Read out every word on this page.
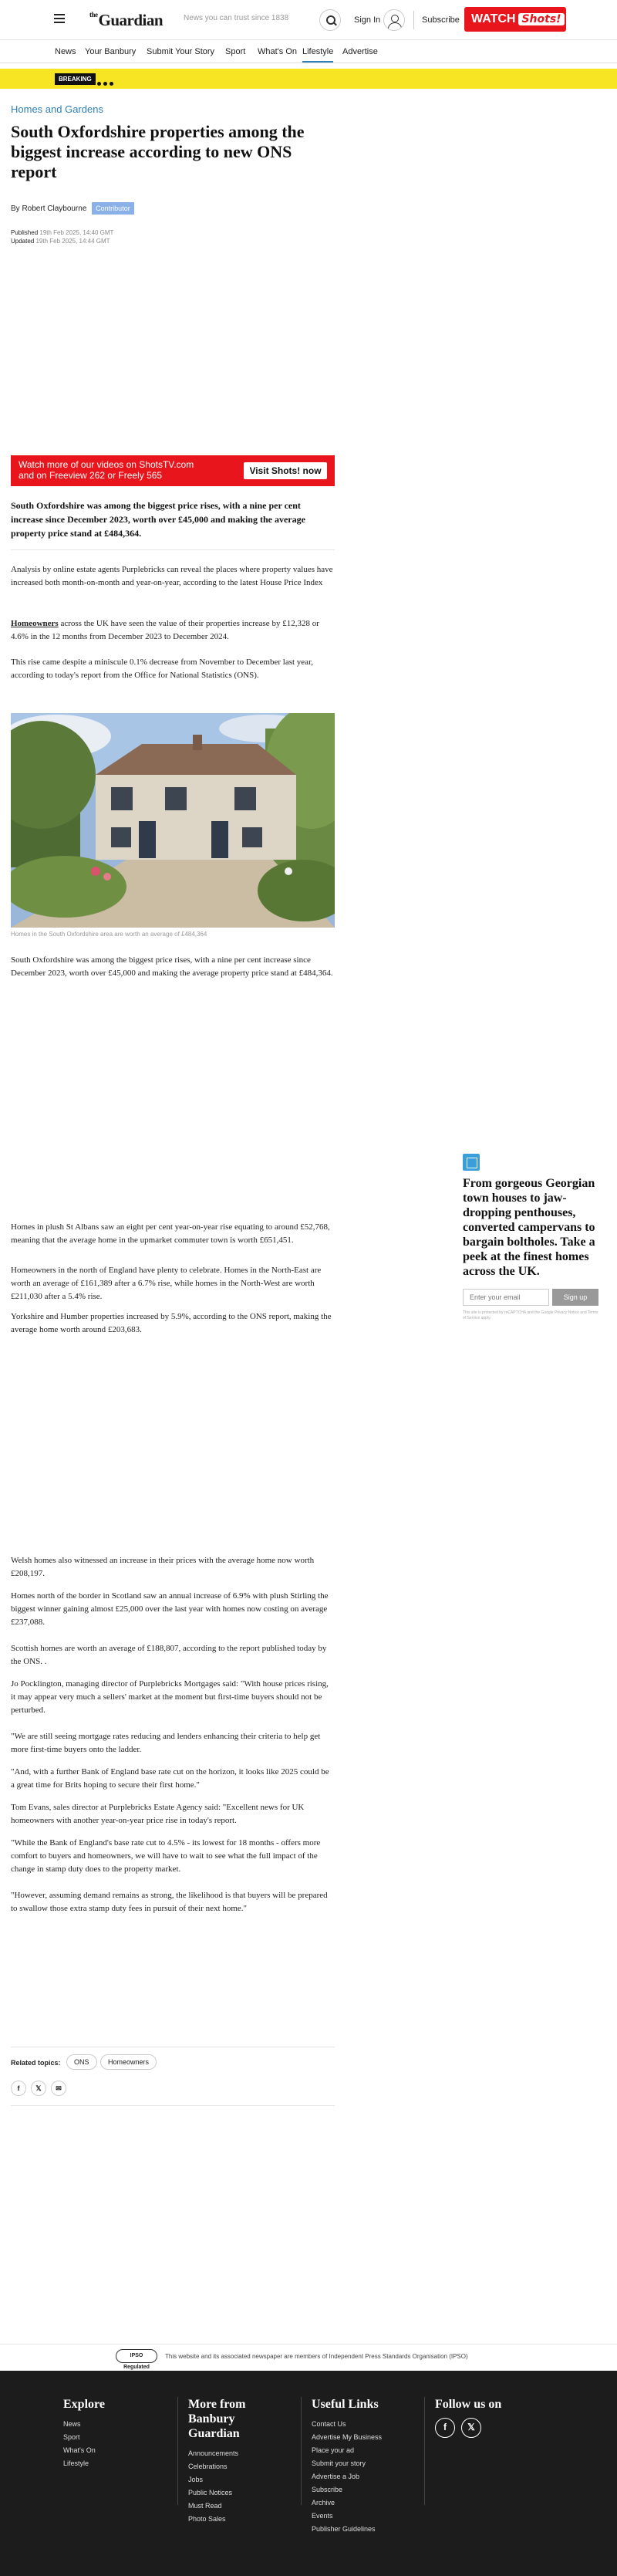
$^{the}$Guardian	News you can trust since 1838	Sign In	Subscribe WATCH Shots!
News Your Banbury Submit Your Story Sport What's On Lifestyle Advertise
BREAKING
Homes and Gardens
South Oxfordshire properties among the biggest increase according to new ONS report
By Robert Claybourne Contributor
Published 19th Feb 2025, 14:40 GMT
Updated 19th Feb 2025, 14:44 GMT
Watch more of our videos on ShotsTV.com
and on Freeview 262 or Freely 565	Visit Shots! now
South Oxfordshire was among the biggest price rises, with a nine per cent increase since December 2023, worth over £45,000 and making the average property price stand at £484,364.
Analysis by online estate agents Purplebricks can reveal the places where property values have increased both month-on-month and year-on-year, according to the latest House Price Index
Homeowners across the UK have seen the value of their properties increase by £12,328 or 4.6% in the 12 months from December 2023 to December 2024.
This rise came despite a miniscule 0.1% decrease from November to December last year, according to today's report from the Office for National Statistics (ONS).
Homes in the South Oxfordshire area are worth an average of £484,364
South Oxfordshire was among the biggest price rises, with a nine per cent increase since December 2023, worth over £45,000 and making the average property price stand at £484,364.
Homes in plush St Albans saw an eight per cent year-on-year rise equating to around £52,768, meaning that the average home in the upmarket commuter town is worth £651,451.
Homeowners in the north of England have plenty to celebrate. Homes in the North-East are worth an average of £161,389 after a 6.7% rise, while homes in the North-West are worth £211,030 after a 5.4% rise.
Yorkshire and Humber properties increased by 5.9%, according to the ONS report, making the average home worth around £203,683.
Welsh homes also witnessed an increase in their prices with the average home now worth £208,197.
Homes north of the border in Scotland saw an annual increase of 6.9% with plush Stirling the biggest winner gaining almost £25,000 over the last year with homes now costing on average £237,088.
Scottish homes are worth an average of £188,807, according to the report published today by the ONS. .
Jo Pocklington, managing director of Purplebricks Mortgages said: "With house prices rising, it may appear very much a sellers' market at the moment but first-time buyers should not be perturbed.
"We are still seeing mortgage rates reducing and lenders enhancing their criteria to help get more first-time buyers onto the ladder.
"And, with a further Bank of England base rate cut on the horizon, it looks like 2025 could be a great time for Brits hoping to secure their first home."
Tom Evans, sales director at Purplebricks Estate Agency said: "Excellent news for UK homeowners with another year-on-year price rise in today's report.
"While the Bank of England's base rate cut to 4.5% - its lowest for 18 months - offers more comfort to buyers and homeowners, we will have to wait to see what the full impact of the change in stamp duty does to the property market.
"However, assuming demand remains as strong, the likelihood is that buyers will be prepared to swallow those extra stamp duty fees in pursuit of their next home."
Related topics:	ONS	Homeowners
f	𝕏	✉
From gorgeous Georgian town houses to jaw-dropping penthouses, converted campervans to bargain boltholes. Take a peek at the finest homes across the UK.
Enter your email	Sign up
This site is protected by reCAPTCHA and the Google Privacy Notice and Terms of Service apply.
IPSO Regulated
This website and its associated newspaper are members of Independent Press Standards Organisation (IPSO)
Explore
News
Sport
What's On
Lifestyle
More from Banbury Guardian
Announcements
Celebrations
Jobs
Public Notices
Must Read
Photo Sales
Useful Links
Contact Us
Advertise My Business
Place your ad
Submit your story
Advertise a Job
Subscribe
Archive
Events
Publisher Guidelines
Follow us on
f 𝕏
